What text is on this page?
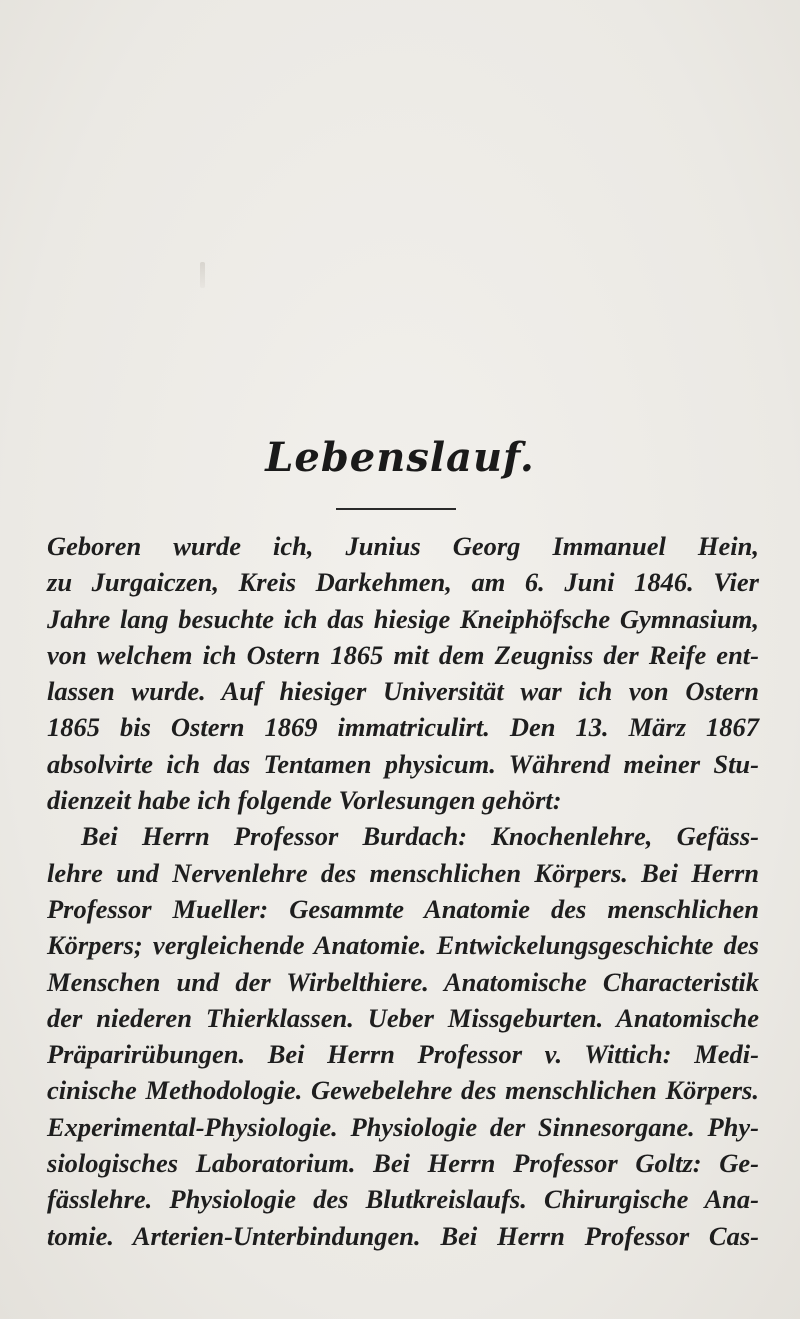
Lebenslauf.
Geboren wurde ich, Junius Georg Immanuel Hein,
zu Jurgaiczen, Kreis Darkehmen, am 6. Juni 1846. Vier
Jahre lang besuchte ich das hiesige Kneiphöfsche Gymnasium,
von welchem ich Ostern 1865 mit dem Zeugniss der Reife ent-
lassen wurde. Auf hiesiger Universität war ich von Ostern
1865 bis Ostern 1869 immatriculirt. Den 13. März 1867
absolvirte ich das Tentamen physicum. Während meiner Stu-
dienzeit habe ich folgende Vorlesungen gehört:
Bei Herrn Professor Burdach: Knochenlehre, Gefäss-
lehre und Nervenlehre des menschlichen Körpers. Bei Herrn
Professor Mueller: Gesammte Anatomie des menschlichen
Körpers; vergleichende Anatomie. Entwickelungsgeschichte des
Menschen und der Wirbelthiere. Anatomische Characteristik
der niederen Thierklassen. Ueber Missgeburten. Anatomische
Präparirübungen. Bei Herrn Professor v. Wittich: Medi-
cinische Methodologie. Gewebelehre des menschlichen Körpers.
Experimental-Physiologie. Physiologie der Sinnesorgane. Phy-
siologisches Laboratorium. Bei Herrn Professor Goltz: Ge-
fässlehre. Physiologie des Blutkreislaufs. Chirurgische Ana-
tomie. Arterien-Unterbindungen. Bei Herrn Professor Cas-
